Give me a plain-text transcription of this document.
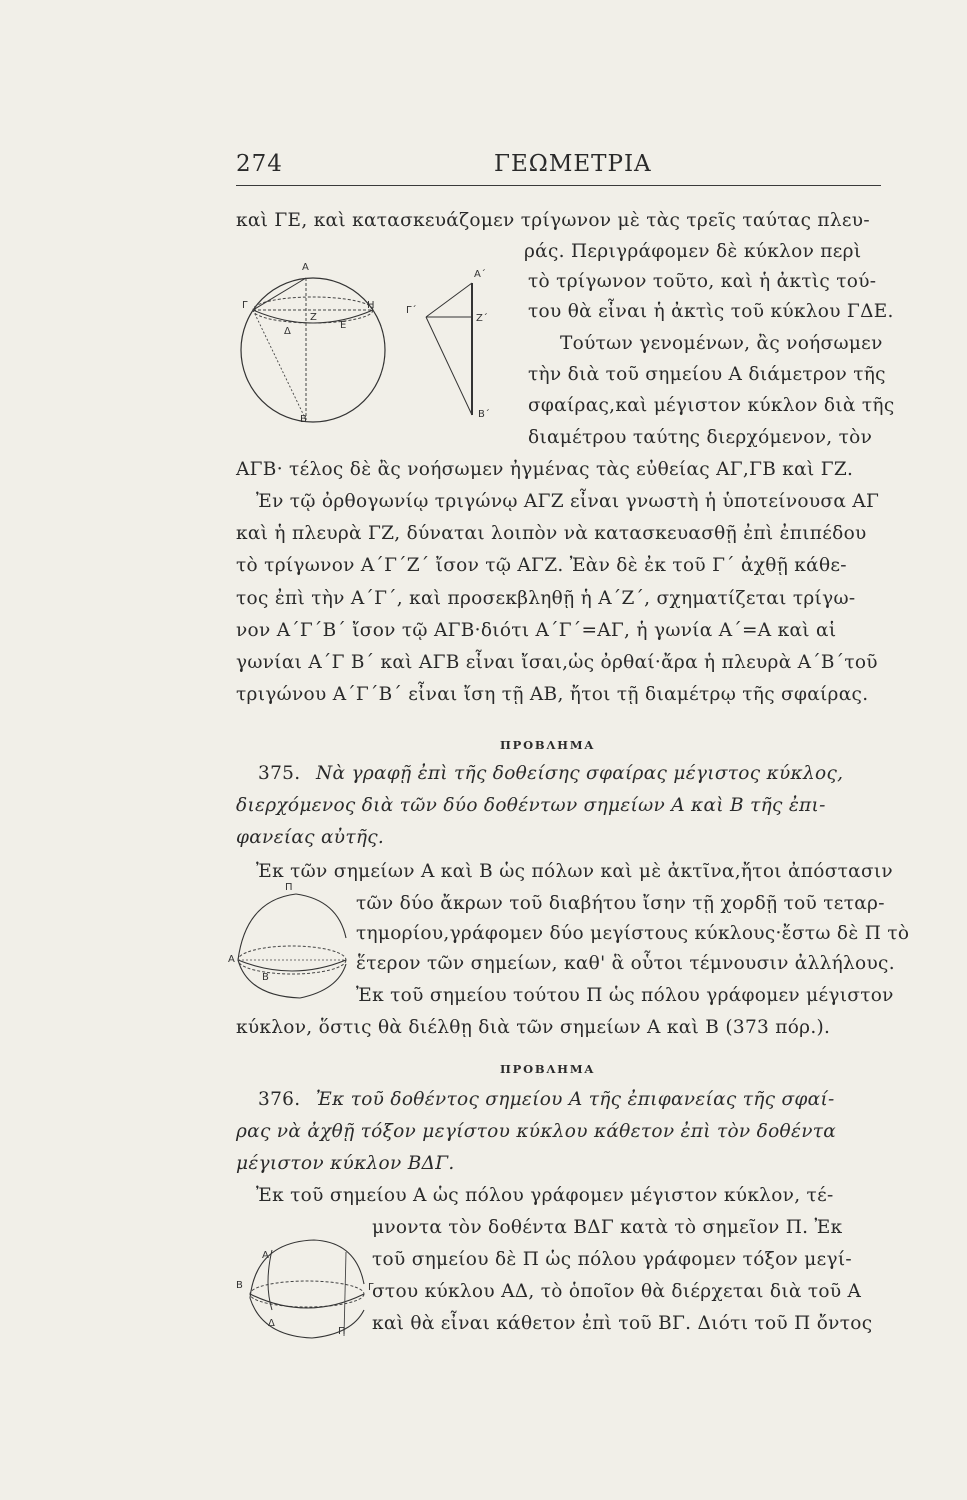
274	ΓΕΩΜΕΤΡΙΑ
καὶ ΓΕ, καὶ κατασκευάζομεν τρίγωνον μὲ τὰς τρεῖς ταύτας πλευ-
ράς. Περιγράφομεν δὲ κύκλον περὶ
τὸ τρίγωνον τοῦτο, καὶ ἡ ἀκτὶς τού-
του θὰ εἶναι ἡ ἀκτὶς τοῦ κύκλου ΓΔΕ.
Τούτων γενομένων, ἂς νοήσωμεν
τὴν διὰ τοῦ σημείου Α διάμετρον τῆς
σφαίρας,καὶ μέγιστον κύκλον διὰ τῆς
διαμέτρου ταύτης διερχόμενον, τὸν
ΑΓΒ· τέλος δὲ ἂς νοήσωμεν ἠγμένας τὰς εὐθείας ΑΓ,ΓΒ καὶ ΓΖ.
Ἐν τῷ ὀρθογωνίῳ τριγώνῳ ΑΓΖ εἶναι γνωστὴ ἡ ὑποτείνουσα ΑΓ
καὶ ἡ πλευρὰ ΓΖ, δύναται λοιπὸν νὰ κατασκευασθῇ ἐπὶ ἐπιπέδου
τὸ τρίγωνον Α΄Γ΄Ζ΄ ἴσον τῷ ΑΓΖ. Ἐὰν δὲ ἐκ τοῦ Γ΄ ἀχθῇ κάθε-
τος ἐπὶ τὴν Α΄Γ΄, καὶ προσεκβληθῇ ἡ Α΄Ζ΄, σχηματίζεται τρίγω-
νον Α΄Γ΄Β΄ ἴσον τῷ ΑΓΒ·διότι Α΄Γ΄=ΑΓ, ἡ γωνία Α΄=Α καὶ αἱ
γωνίαι Α΄Γ Β΄ καὶ ΑΓΒ εἶναι ἴσαι,ὡς ὀρθαί·ἄρα ἡ πλευρὰ Α΄Β΄τοῦ
τριγώνου Α΄Γ΄Β΄ εἶναι ἴση τῇ ΑΒ, ἤτοι τῇ διαμέτρῳ τῆς σφαίρας.
Α
Γ
Ζ
Η
Δ
Ε
Β
Α΄
Γ΄
Ζ΄
Β΄
ΠΡΟΒΛΗΜΑ
375. Νὰ γραφῇ ἐπὶ τῆς δοθείσης σφαίρας μέγιστος κύκλος,
διερχόμενος διὰ τῶν δύο δοθέντων σημείων Α καὶ Β τῆς ἐπι-
φανείας αὐτῆς.
Ἐκ τῶν σημείων Α καὶ Β ὡς πόλων καὶ μὲ ἀκτῖνα,ἤτοι ἀπόστασιν
τῶν δύο ἄκρων τοῦ διαβήτου ἴσην τῇ χορδῇ τοῦ τεταρ-
τημορίου,γράφομεν δύο μεγίστους κύκλους·ἔστω δὲ Π τὸ
ἕτερον τῶν σημείων, καθ' ἃ οὗτοι τέμνουσιν ἀλλήλους.
Ἐκ τοῦ σημείου τούτου Π ὡς πόλου γράφομεν μέγιστον
κύκλον, ὅστις θὰ διέλθῃ διὰ τῶν σημείων Α καὶ Β (373 πόρ.).
Π
Α
Β
ΠΡΟΒΛΗΜΑ
376. Ἐκ τοῦ δοθέντος σημείου Α τῆς ἐπιφανείας τῆς σφαί-
ρας νὰ ἀχθῇ τόξον μεγίστου κύκλου κάθετον ἐπὶ τὸν δοθέντα
μέγιστον κύκλον ΒΔΓ.
Ἐκ τοῦ σημείου Α ὡς πόλου γράφομεν μέγιστον κύκλον, τέ-
μνοντα τὸν δοθέντα ΒΔΓ κατὰ τὸ σημεῖον Π. Ἐκ
τοῦ σημείου δὲ Π ὡς πόλου γράφομεν τόξον μεγί-
στου κύκλου ΑΔ, τὸ ὁποῖον θὰ διέρχεται διὰ τοῦ Α
καὶ θὰ εἶναι κάθετον ἐπὶ τοῦ ΒΓ. Διότι τοῦ Π ὄντος
Α
Β	Γ
Δ
Π
